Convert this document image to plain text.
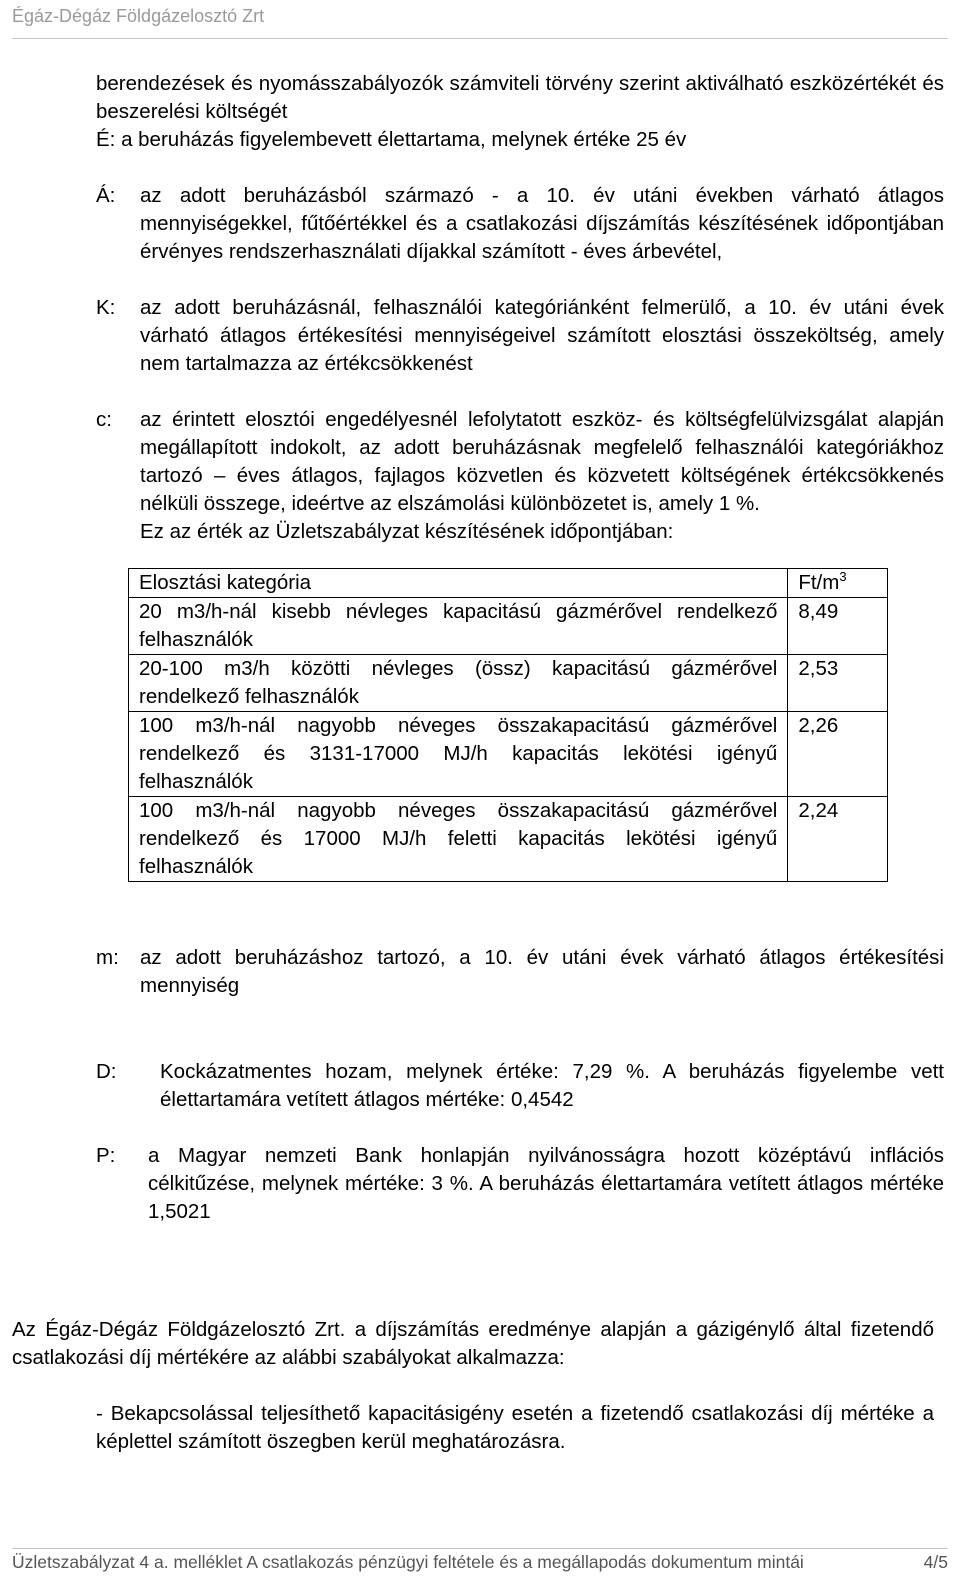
Égáz-Dégáz Földgázelosztó Zrt

berendezések és nyomásszabályozók számviteli törvény szerint aktiválható eszközértékét és beszerelési költségét

É: a beruházás figyelembevett élettartama, melynek értéke 25 év

Á:	az adott beruházásból származó - a 10. év utáni években várható átlagos mennyiségekkel, fűtőértékkel és a csatlakozási díjszámítás készítésének időpontjában érvényes rendszerhasználati díjakkal számított - éves árbevétel,
K:	az adott beruházásnál, felhasználói kategóriánként felmerülő, a 10. év utáni évek várható átlagos értékesítési mennyiségeivel számított elosztási összeköltség, amely nem tartalmazza az értékcsökkenést
c:	az érintett elosztói engedélyesnél lefolytatott eszköz- és költségfelülvizsgálat alapján megállapított indokolt, az adott beruházásnak megfelelő felhasználói kategóriákhoz tartozó – éves átlagos, fajlagos közvetlen és közvetett költségének értékcsökkenés nélküli összege, ideértve az elszámolási különbözetet is, amely 1 %.
Ez az érték az Üzletszabályzat készítésének időpontjában:
Elosztási kategória	$Ft/m^3$
20 m3/h-nál kisebb névleges kapacitású gázmérővel rendelkező felhasználók	8,49
20-100 m3/h közötti névleges (össz) kapacitású gázmérővel rendelkező felhasználók	2,53
100 m3/h-nál nagyobb néveges összakapacitású gázmérővel rendelkező és 3131-17000 MJ/h kapacitás lekötési igényű felhasználók	2,26
100 m3/h-nál nagyobb néveges összakapacitású gázmérővel rendelkező és 17000 MJ/h feletti kapacitás lekötési igényű felhasználók	2,24
m:	az adott beruházáshoz tartozó, a 10. év utáni évek várható átlagos értékesítési mennyiség
D:	Kockázatmentes hozam, melynek értéke: 7,29 %. A beruházás figyelembe vett élettartamára vetített átlagos mértéke: 0,4542
P:	a Magyar nemzeti Bank honlapján nyilvánosságra hozott középtávú inflációs célkitűzése, melynek mértéke: 3 %. A beruházás élettartamára vetített átlagos mértéke 1,5021
Az Égáz-Dégáz Földgázelosztó Zrt. a díjszámítás eredménye alapján a gázigénylő által fizetendő csatlakozási díj mértékére az alábbi szabályokat alkalmazza:
- Bekapcsolással teljesíthető kapacitásigény esetén a fizetendő csatlakozási díj mértéke a képlettel számított öszegben kerül meghatározásra.
Üzletszabályzat 4 a. melléklet A csatlakozás pénzügyi feltétele és a megállapodás dokumentum mintái	4/5
